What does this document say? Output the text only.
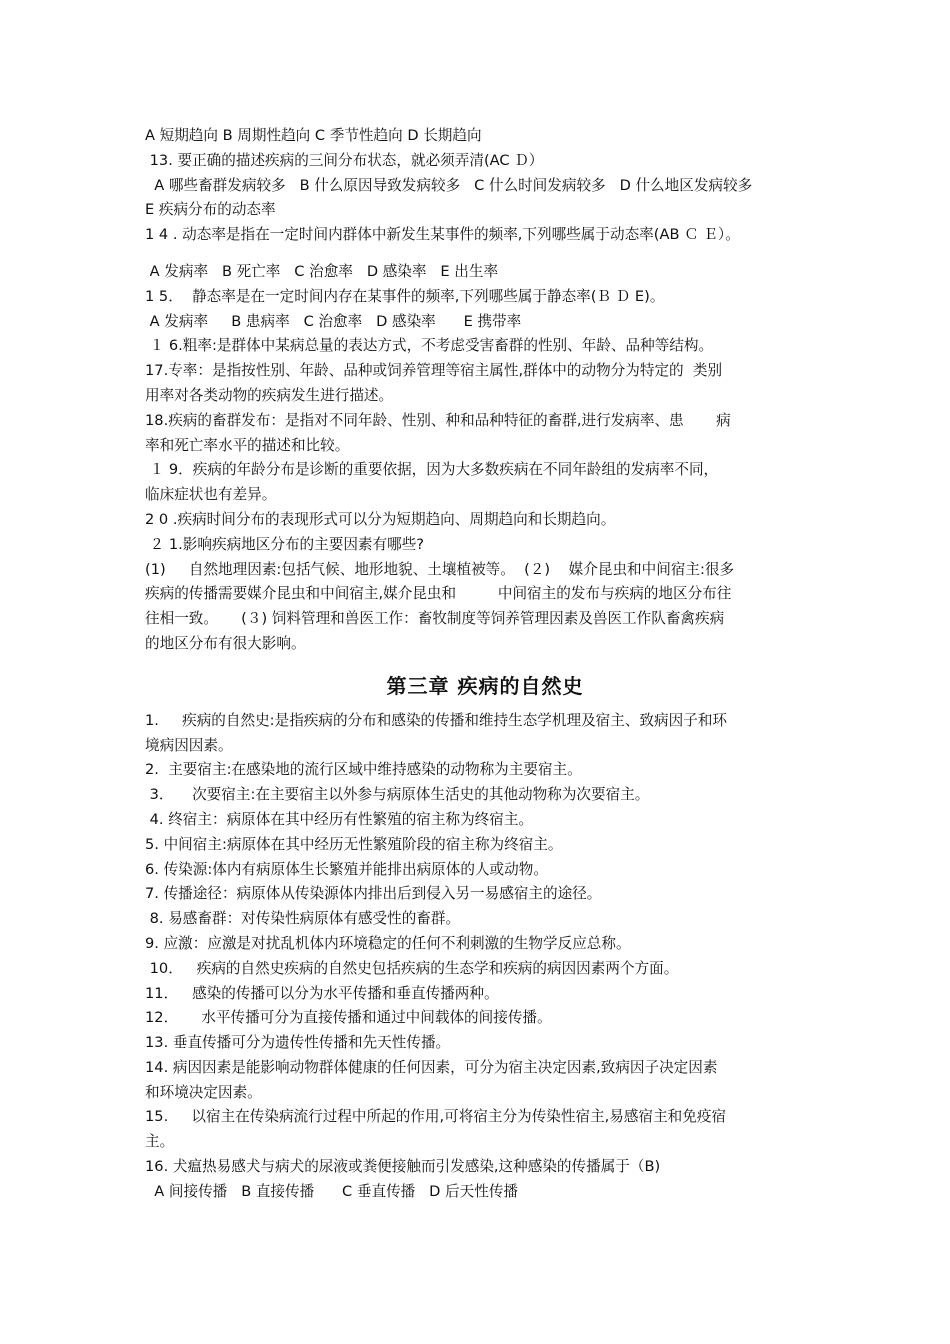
A 短期趋向 B 周期性趋向 C 季节性趋向 D 长期趋向
13. 要正确的描述疾病的三间分布状态，就必须弄清(AC Ｄ）
A 哪些畜群发病较多   B 什么原因导致发病较多   C 什么时间发病较多   D 什么地区发病较多
E 疾病分布的动态率
1 4 . 动态率是指在一定时间内群体中新发生某事件的频率,下列哪些属于动态率(AB Ｃ Ｅ）。
A 发病率   B 死亡率   C 治愈率   D 感染率   E 出生率
1 5．  静态率是在一定时间内存在某事件的频率,下列哪些属于静态率(Ｂ Ｄ E)。
A 发病率     B 患病率   C 治愈率   D 感染率      E 携带率
１ 6.粗率:是群体中某病总量的表达方式，不考虑受害畜群的性别、年龄、品种等结构。
17.专率：是指按性别、年龄、品种或饲养管理等宿主属性,群体中的动物分为特定的  类别
用率对各类动物的疾病发生进行描述。
18.疾病的畜群发布：是指对不同年龄、性别、种和品种特征的畜群,进行发病率、患       病
率和死亡率水平的描述和比较。
１ 9．疾病的年龄分布是诊断的重要依据，因为大多数疾病在不同年龄组的发病率不同，
临床症状也有差异。
2 0 .疾病时间分布的表现形式可以分为短期趋向、周期趋向和长期趋向。
２ 1.影响疾病地区分布的主要因素有哪些?
(1)     自然地理因素:包括气候、地形地貌、土壤植被等。  (２)    媒介昆虫和中间宿主:很多
疾病的传播需要媒介昆虫和中间宿主,媒介昆虫和         中间宿主的发布与疾病的地区分布往
往相一致。     (３) 饲料管理和兽医工作：畜牧制度等饲养管理因素及兽医工作队畜禽疾病
的地区分布有很大影响。
第三章 疾病的自然史
1.     疾病的自然史:是指疾病的分布和感染的传播和维持生态学机理及宿主、致病因子和环
境病因因素。
2.  主要宿主:在感染地的流行区域中维持感染的动物称为主要宿主。
3．    次要宿主:在主要宿主以外参与病原体生活史的其他动物称为次要宿主。
4. 终宿主：病原体在其中经历有性繁殖的宿主称为终宿主。
5. 中间宿主:病原体在其中经历无性繁殖阶段的宿主称为终宿主。
6. 传染源:体内有病原体生长繁殖并能排出病原体的人或动物。
7. 传播途径：病原体从传染源体内排出后到侵入另一易感宿主的途径。
8. 易感畜群：对传染性病原体有感受性的畜群。
9. 应激：应激是对扰乱机体内环境稳定的任何不利刺激的生物学反应总称。
10．   疾病的自然史疾病的自然史包括疾病的生态学和疾病的病因因素两个方面。
11．   感染的传播可以分为水平传播和垂直传播两种。
12．     水平传播可分为直接传播和通过中间载体的间接传播。
13. 垂直传播可分为遗传性传播和先天性传播。
14. 病因因素是能影响动物群体健康的任何因素，可分为宿主决定因素,致病因子决定因素
和环境决定因素。
15.     以宿主在传染病流行过程中所起的作用,可将宿主分为传染性宿主,易感宿主和免疫宿
主。
16. 犬瘟热易感犬与病犬的尿液或粪便接触而引发感染,这种感染的传播属于（B)
A 间接传播   B 直接传播      C 垂直传播   D 后天性传播
